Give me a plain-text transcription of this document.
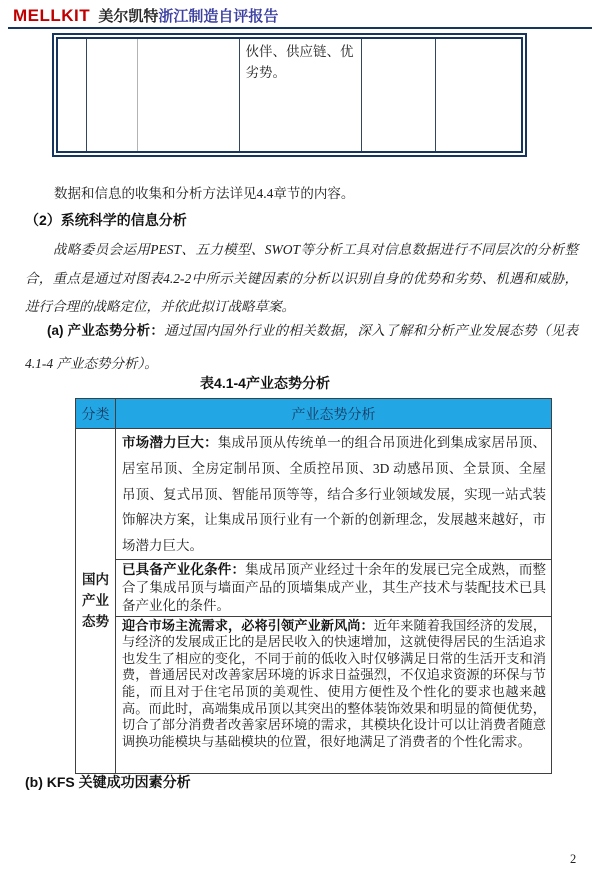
MELLKIT 美尔凯特浙江制造自评报告
			伙伴、供应链、优劣势。		
数据和信息的收集和分析方法详见4.4章节的内容。
（2）系统科学的信息分析
战略委员会运用PEST、五力模型、SWOT等分析工具对信息数据进行不同层次的分析整合，重点是通过对图表4.2-2中所示关键因素的分析以识别自身的优势和劣势、机遇和威胁，进行合理的战略定位，并依此拟订战略草案。
(a) 产业态势分析：通过国内国外行业的相关数据，深入了解和分析产业发展态势（见表4.1-4 产业态势分析）。
表4.1-4产业态势分析
分类	产业态势分析

国内产业态势	市场潜力巨大：集成吊顶从传统单一的组合吊顶进化到集成家居吊顶、居室吊顶、全房定制吊顶、全质控吊顶、3D 动感吊顶、全景顶、全屋吊顶、复式吊顶、智能吊顶等等，结合多行业领域发展，实现一站式装饰解决方案，让集成吊顶行业有一个新的创新理念，发展越来越好，市场潜力巨大。
	已具备产业化条件：集成吊顶产业经过十余年的发展已完全成熟，而整合了集成吊顶与墙面产品的顶墙集成产业，其生产技术与装配技术已具备产业化的条件。
	迎合市场主流需求，必将引领产业新风尚：近年来随着我国经济的发展，与经济的发展成正比的是居民收入的快速增加，这就使得居民的生活追求也发生了相应的变化，不同于前的低收入时仅够满足日常的生活开支和消费，普通居民对改善家居环境的诉求日益强烈，不仅追求资源的环保与节能，而且对于住宅吊顶的美观性、使用方便性及个性化的要求也越来越高。而此时，高端集成吊顶以其突出的整体装饰效果和明显的简便优势，切合了部分消费者改善家居环境的需求，其模块化设计可以让消费者随意调换功能模块与基础模块的位置，很好地满足了消费者的个性化需求。
(b) KFS 关键成功因素分析
2
